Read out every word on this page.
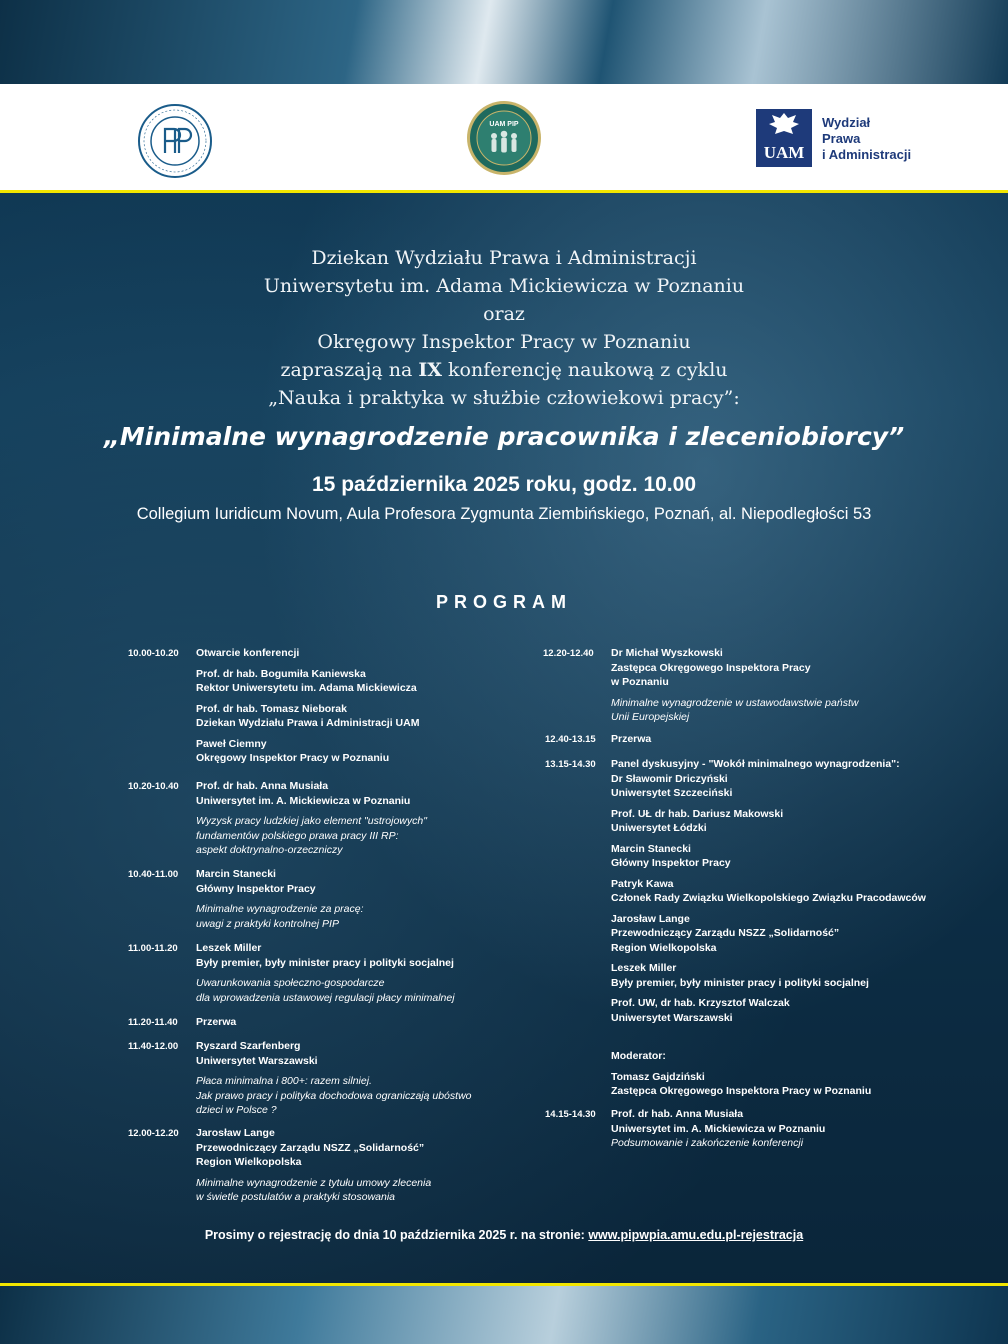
UAM PIP
UAM
Wydział
Prawa
i Administracji
Dziekan Wydziału Prawa i Administracji
Uniwersytetu im. Adama Mickiewicza w Poznaniu
oraz
Okręgowy Inspektor Pracy w Poznaniu
zapraszają na IX konferencję naukową z cyklu
„Nauka i praktyka w służbie człowiekowi pracy”:
„Minimalne wynagrodzenie pracownika i zleceniobiorcy”
15 października 2025 roku, godz. 10.00
Collegium Iuridicum Novum, Aula Profesora Zygmunta Ziembińskiego, Poznań, al. Niepodległości 53
PROGRAM
10.00-10.20 Otwarcie konferencji
Prof. dr hab. Bogumiła Kaniewska
Rektor Uniwersytetu im. Adama Mickiewicza
Prof. dr hab. Tomasz Nieborak
Dziekan Wydziału Prawa i Administracji UAM
Paweł Ciemny
Okręgowy Inspektor Pracy w Poznaniu
10.20-10.40 Prof. dr hab. Anna Musiała
Uniwersytet im. A. Mickiewicza w Poznaniu
Wyzysk pracy ludzkiej jako element "ustrojowych"
fundamentów polskiego prawa pracy III RP:
aspekt doktrynalno-orzeczniczy
10.40-11.00 Marcin Stanecki
Główny Inspektor Pracy
Minimalne wynagrodzenie za pracę:
uwagi z praktyki kontrolnej PIP
11.00-11.20 Leszek Miller
Były premier, były minister pracy i polityki socjalnej
Uwarunkowania społeczno-gospodarcze
dla wprowadzenia ustawowej regulacji płacy minimalnej
11.20-11.40 Przerwa
11.40-12.00 Ryszard Szarfenberg
Uniwersytet Warszawski
Płaca minimalna i 800+: razem silniej.
Jak prawo pracy i polityka dochodowa ograniczają ubóstwo
dzieci w Polsce ?
12.00-12.20 Jarosław Lange
Przewodniczący Zarządu NSZZ „Solidarność”
Region Wielkopolska
Minimalne wynagrodzenie z tytułu umowy zlecenia
w świetle postulatów a praktyki stosowania
12.20-12.40 Dr Michał Wyszkowski
Zastępca Okręgowego Inspektora Pracy
w Poznaniu
Minimalne wynagrodzenie w ustawodawstwie państw
Unii Europejskiej
12.40-13.15 Przerwa
13.15-14.30 Panel dyskusyjny - "Wokół minimalnego wynagrodzenia":
Dr Sławomir Driczyński
Uniwersytet Szczeciński
Prof. UŁ dr hab. Dariusz Makowski
Uniwersytet Łódzki
Marcin Stanecki
Główny Inspektor Pracy
Patryk Kawa
Członek Rady Związku Wielkopolskiego Związku Pracodawców
Jarosław Lange
Przewodniczący Zarządu NSZZ „Solidarność”
Region Wielkopolska
Leszek Miller
Były premier, były minister pracy i polityki socjalnej
Prof. UW, dr hab. Krzysztof Walczak
Uniwersytet Warszawski
Moderator:
Tomasz Gajdziński
Zastępca Okręgowego Inspektora Pracy w Poznaniu
14.15-14.30 Prof. dr hab. Anna Musiała
Uniwersytet im. A. Mickiewicza w Poznaniu
Podsumowanie i zakończenie konferencji
Prosimy o rejestrację do dnia 10 października 2025 r. na stronie: www.pipwpia.amu.edu.pl-rejestracja
